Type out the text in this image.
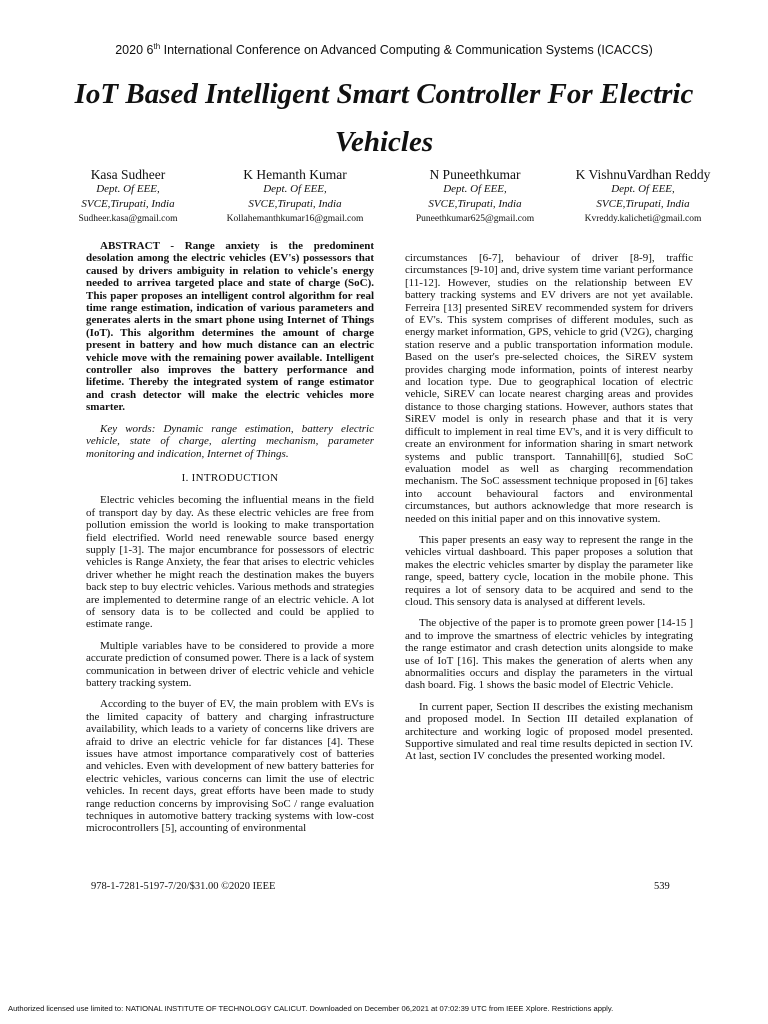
2020 6th International Conference on Advanced Computing & Communication Systems (ICACCS)
IoT Based Intelligent Smart Controller For Electric Vehicles
Kasa Sudheer
Dept. Of EEE,
SVCE,Tirupati, India
Sudheer.kasa@gmail.com
K Hemanth Kumar
Dept. Of EEE,
SVCE,Tirupati, India
Kollahemanthkumar16@gmail.com
N Puneethkumar
Dept. Of EEE,
SVCE,Tirupati, India
Puneethkumar625@gmail.com
K VishnuVardhan Reddy
Dept. Of EEE,
SVCE,Tirupati, India
Kvreddy.kalicheti@gmail.com

ABSTRACT - Range anxiety is the predominent desolation among the electric vehicles (EV's) possessors that caused by drivers ambiguity in relation to vehicle's energy needed to arrivea targeted place and state of charge (SoC). This paper proposes an intelligent control algorithm for real time range estimation, indication of various parameters and generates alerts in the smart phone using Internet of Things (IoT). This algorithm determines the amount of charge present in battery and how much distance can an electric vehicle move with the remaining power available. Intelligent controller also improves the battery performance and lifetime. Thereby the integrated system of range estimator and crash detector will make the electric vehicles more smarter.

Key words: Dynamic range estimation, battery electric vehicle, state of charge, alerting mechanism, parameter monitoring and indication, Internet of Things.

I. INTRODUCTION

Electric vehicles becoming the influential means in the field of transport day by day. As these electric vehicles are free from pollution emission the world is looking to make transportation field electrified. World need renewable source based energy supply [1-3]. The major encumbrance for possessors of electric vehicles is Range Anxiety, the fear that arises to electric vehicles driver whether he might reach the destination makes the buyers back step to buy electric vehicles. Various methods and strategies are implemented to determine range of an electric vehicle. A lot of sensory data is to be collected and could be applied to estimate range.

Multiple variables have to be considered to provide a more accurate prediction of consumed power. There is a lack of system communication in between driver of electric vehicle and vehicle battery tracking system.

According to the buyer of EV, the main problem with EVs is the limited capacity of battery and charging infrastructure availability, which leads to a variety of concerns like drivers are afraid to drive an electric vehicle for far distances [4]. These issues have atmost importance comparatively cost of batteries and vehicles. Even with development of new battery batteries for electric vehicles, various concerns can limit the use of electric vehicles. In recent days, great efforts have been made to study range reduction concerns by improvising SoC / range evaluation techniques in automotive battery tracking systems with low-cost microcontrollers [5], accounting of environmental

circumstances [6-7], behaviour of driver [8-9], traffic circumstances [9-10] and, drive system time variant performance [11-12]. However, studies on the relationship between EV battery tracking systems and EV drivers are not yet available. Ferreira [13] presented SiREV recommended system for drivers of EV's. This system comprises of different modules, such as energy market information, GPS, vehicle to grid (V2G), charging station reserve and a public transportation information module. Based on the user's pre-selected choices, the SiREV system provides charging mode information, points of interest nearby and location type. Due to geographical location of electric vehicle, SiREV can locate nearest charging areas and provides distance to those charging stations. However, authors states that SiREV model is only in research phase and that it is very difficult to implement in real time EV's, and it is very difficult to create an environment for information sharing in smart network systems and public transport. Tannahill[6], studied SoC evaluation model as well as charging recommendation mechanism. The SoC assessment technique proposed in [6] takes into account behavioural factors and environmental circumstances, but authors acknowledge that more research is needed on this initial paper and on this innovative system.

This paper presents an easy way to represent the range in the vehicles virtual dashboard. This paper proposes a solution that makes the electric vehicles smarter by display the parameter like range, speed, battery cycle, location in the mobile phone. This requires a lot of sensory data to be acquired and send to the cloud. This sensory data is analysed at different levels.

The objective of the paper is to promote green power [14-15 ] and to improve the smartness of electric vehicles by integrating the range estimator and crash detection units alongside to make use of IoT [16]. This makes the generation of alerts when any abnormalities occurs and display the parameters in the virtual dash board. Fig. 1 shows the basic model of Electric Vehicle.

In current paper, Section II describes the existing mechanism and proposed model. In Section III detailed explanation of architecture and working logic of proposed model presented. Supportive simulated and real time results depicted in section IV. At last, section IV concludes the presented working model.

978-1-7281-5197-7/20/$31.00 ©2020 IEEE	539
Authorized licensed use limited to: NATIONAL INSTITUTE OF TECHNOLOGY CALICUT. Downloaded on December 06,2021 at 07:02:39 UTC from IEEE Xplore. Restrictions apply.
